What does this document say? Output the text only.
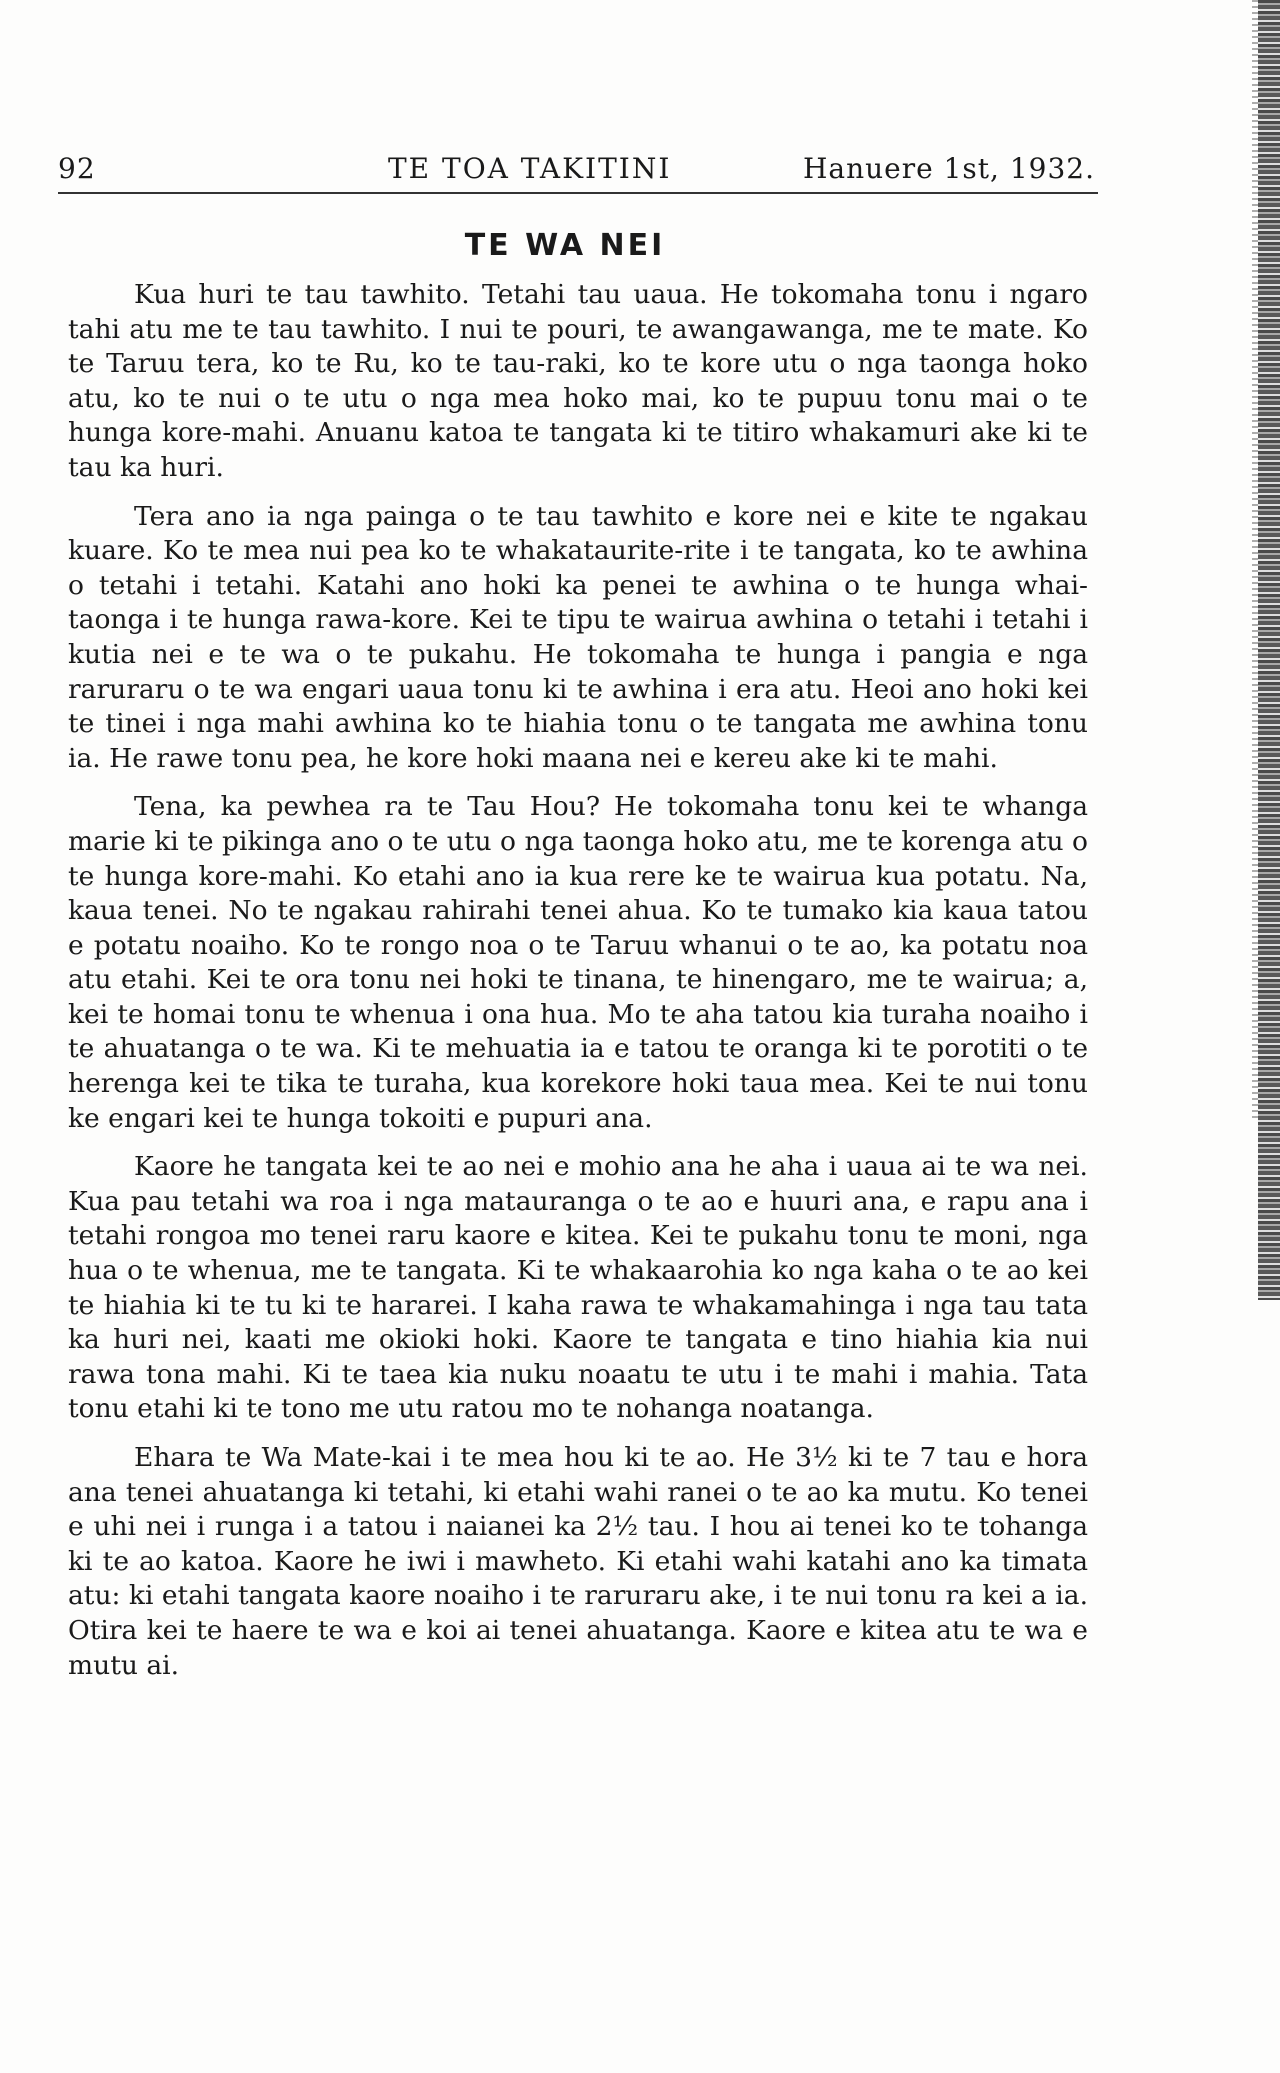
92	TE TOA TAKITINI	Hanuere 1st, 1932.
TE WA NEI

Kua huri te tau tawhito. Tetahi tau uaua. He tokomaha tonu i ngaro tahi atu me te tau tawhito. I nui te pouri, te awangawanga, me te mate. Ko te Taruu tera, ko te Ru, ko te tau-raki, ko te kore utu o nga taonga hoko atu, ko te nui o te utu o nga mea hoko mai, ko te pupuu tonu mai o te hunga kore-mahi. Anuanu katoa te tangata ki te titiro whakamuri ake ki te tau ka huri.

Tera ano ia nga painga o te tau tawhito e kore nei e kite te ngakau kuare. Ko te mea nui pea ko te whakataurite-rite i te tangata, ko te awhina o tetahi i tetahi. Katahi ano hoki ka penei te awhina o te hunga whai-taonga i te hunga rawa-kore. Kei te tipu te wairua awhina o tetahi i tetahi i kutia nei e te wa o te pukahu. He tokomaha te hunga i pangia e nga raruraru o te wa engari uaua tonu ki te awhina i era atu. Heoi ano hoki kei te tinei i nga mahi awhina ko te hiahia tonu o te tangata me awhina tonu ia. He rawe tonu pea, he kore hoki maana nei e kereu ake ki te mahi.

Tena, ka pewhea ra te Tau Hou? He tokomaha tonu kei te whanga marie ki te pikinga ano o te utu o nga taonga hoko atu, me te korenga atu o te hunga kore-mahi. Ko etahi ano ia kua rere ke te wairua kua potatu. Na, kaua tenei. No te ngakau rahirahi tenei ahua. Ko te tumako kia kaua tatou e potatu noaiho. Ko te rongo noa o te Taruu whanui o te ao, ka potatu noa atu etahi. Kei te ora tonu nei hoki te tinana, te hinengaro, me te wairua; a, kei te homai tonu te whenua i ona hua. Mo te aha tatou kia turaha noaiho i te ahuatanga o te wa. Ki te mehuatia ia e tatou te oranga ki te porotiti o te herenga kei te tika te turaha, kua korekore hoki taua mea. Kei te nui tonu ke engari kei te hunga tokoiti e pupuri ana.

Kaore he tangata kei te ao nei e mohio ana he aha i uaua ai te wa nei. Kua pau tetahi wa roa i nga matauranga o te ao e huuri ana, e rapu ana i tetahi rongoa mo tenei raru kaore e kitea. Kei te pukahu tonu te moni, nga hua o te whenua, me te tangata. Ki te whakaarohia ko nga kaha o te ao kei te hiahia ki te tu ki te hararei. I kaha rawa te whakamahinga i nga tau tata ka huri nei, kaati me okioki hoki. Kaore te tangata e tino hiahia kia nui rawa tona mahi. Ki te taea kia nuku noaatu te utu i te mahi i mahia. Tata tonu etahi ki te tono me utu ratou mo te nohanga noatanga.

Ehara te Wa Mate-kai i te mea hou ki te ao. He 3½ ki te 7 tau e hora ana tenei ahuatanga ki tetahi, ki etahi wahi ranei o te ao ka mutu. Ko tenei e uhi nei i runga i a tatou i naianei ka 2½ tau. I hou ai tenei ko te tohanga ki te ao katoa. Kaore he iwi i mawheto. Ki etahi wahi katahi ano ka timata atu: ki etahi tangata kaore noaiho i te raruraru ake, i te nui tonu ra kei a ia. Otira kei te haere te wa e koi ai tenei ahuatanga. Kaore e kitea atu te wa e mutu ai.
